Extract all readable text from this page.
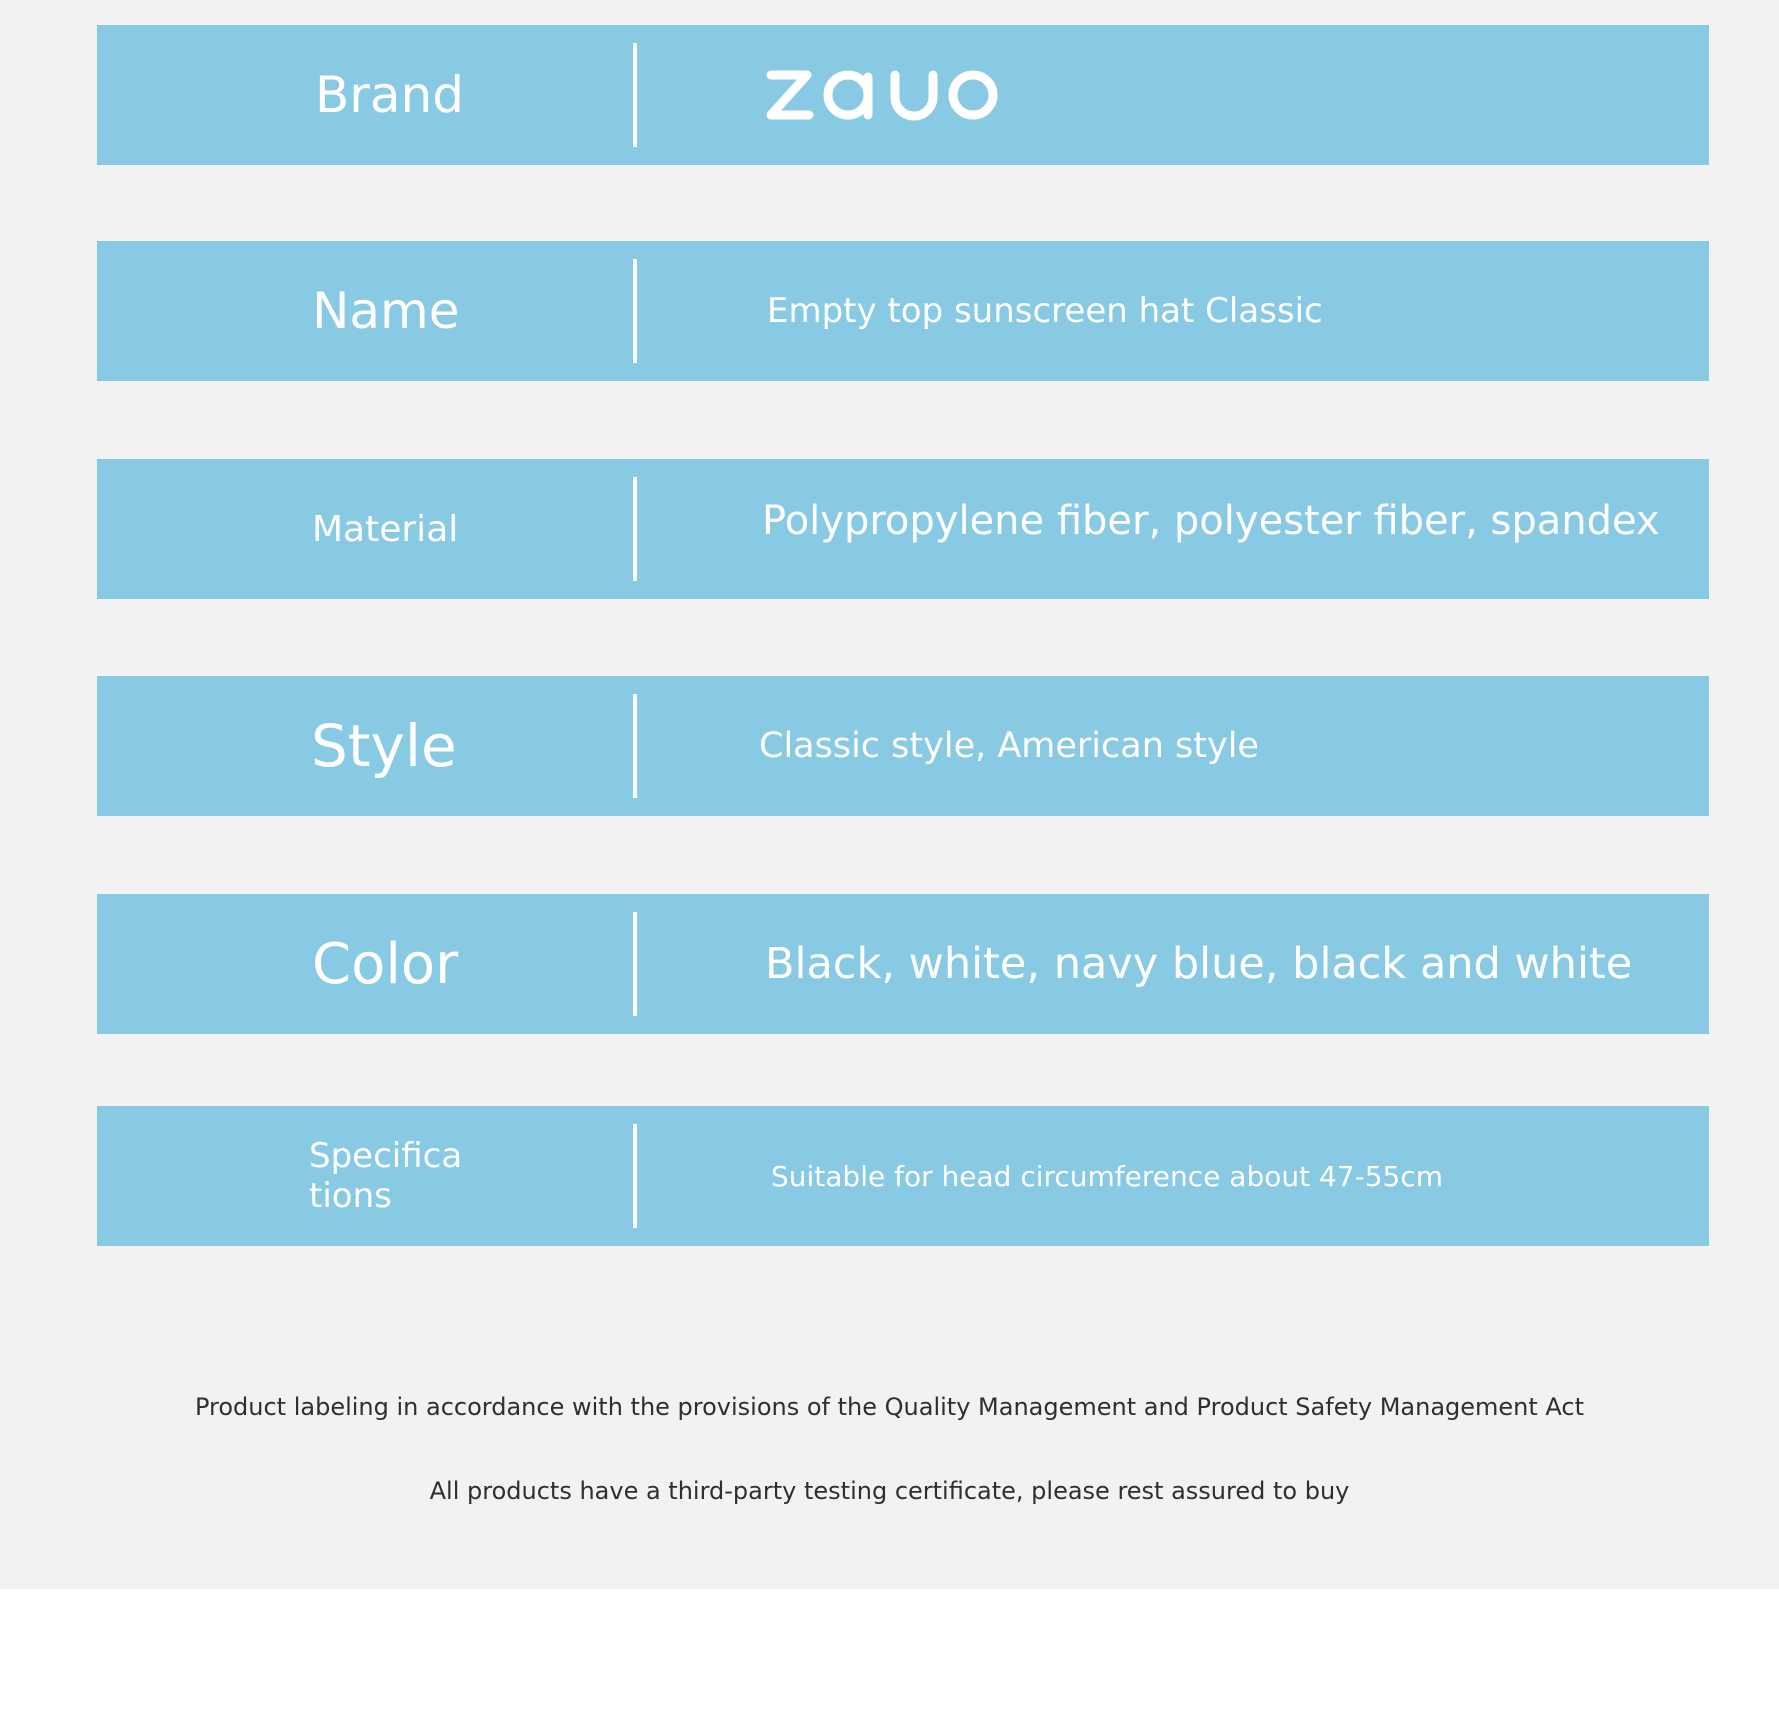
Brand
Name	Empty top sunscreen hat Classic
Material	Polypropylene fiber, polyester fiber, spandex
Style	Classic style, American style
Color	Black, white, navy blue, black and white
Specifica
tions	Suitable for head circumference about 47-55cm
Product labeling in accordance with the provisions of the Quality Management and Product Safety Management Act
All products have a third-party testing certificate, please rest assured to buy
